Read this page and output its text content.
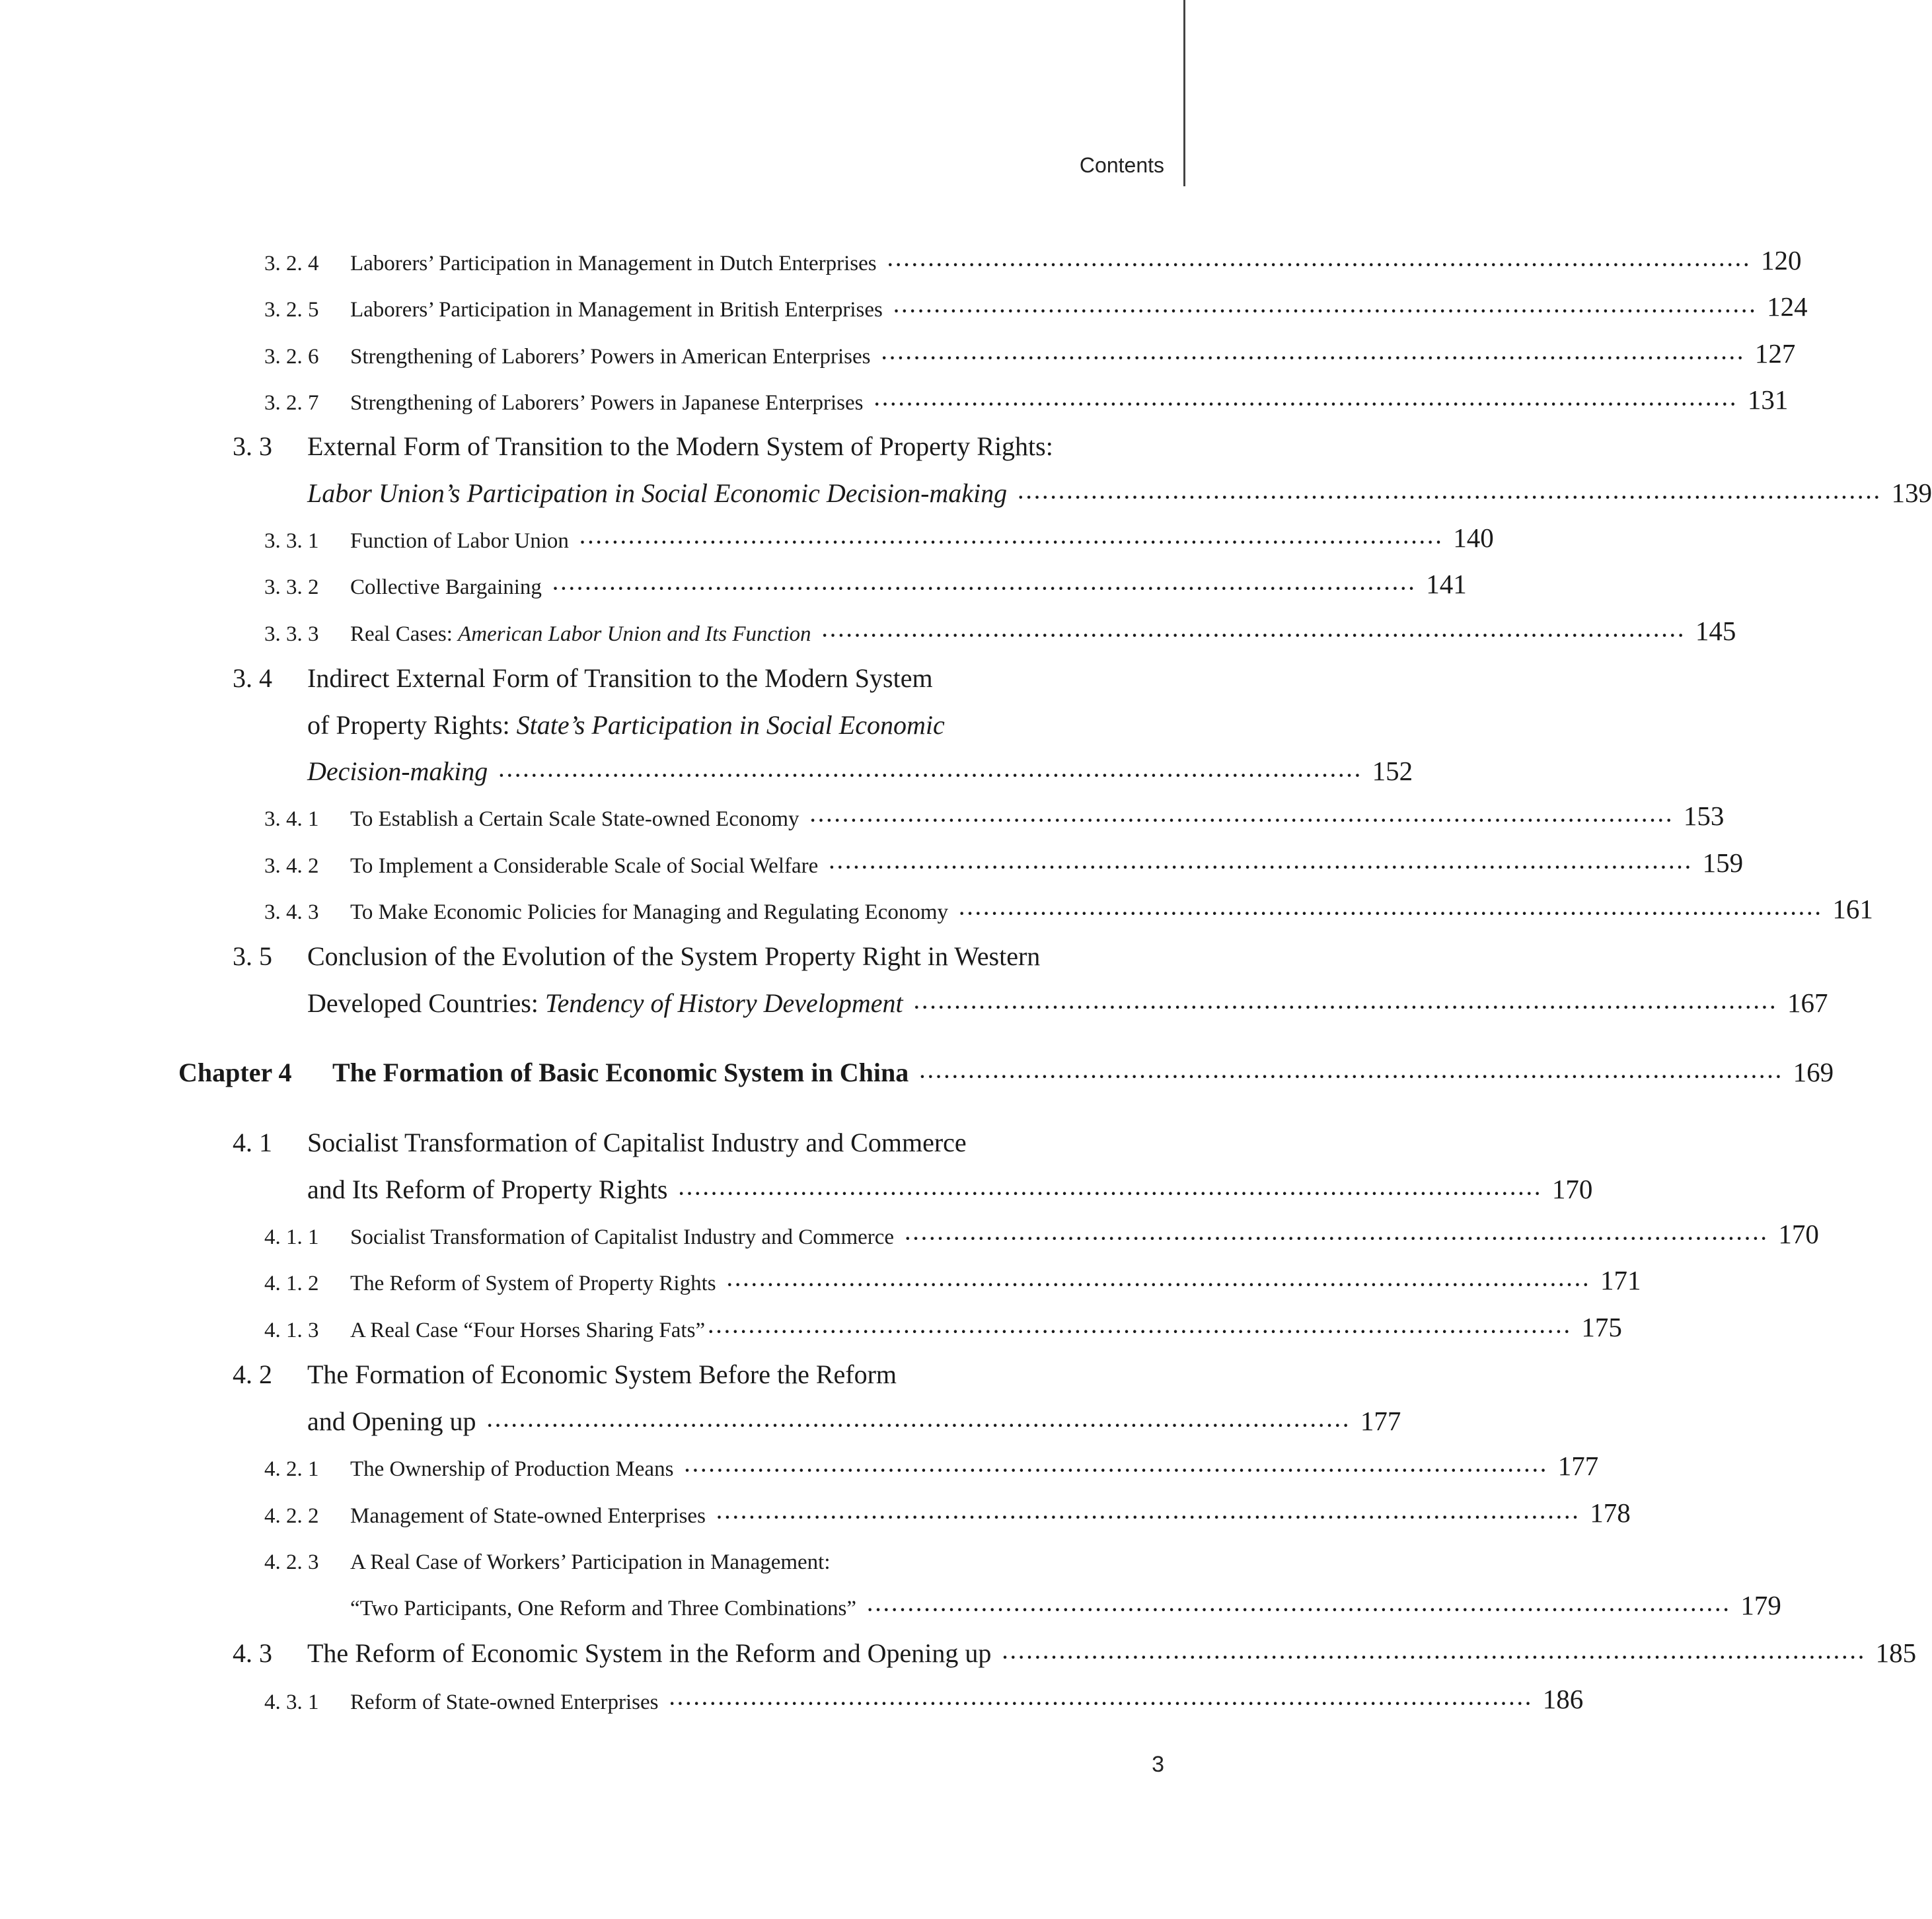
Contents
3. 2. 4	Laborers’ Participation in Management in Dutch Enterprises ·········································································································· 120
3. 2. 5	Laborers’ Participation in Management in British Enterprises ·········································································································· 124
3. 2. 6	Strengthening of Laborers’ Powers in American Enterprises ·········································································································· 127
3. 2. 7	Strengthening of Laborers’ Powers in Japanese Enterprises ·········································································································· 131
3. 3	External Form of Transition to the Modern System of Property Rights:
Labor Union’s Participation in Social Economic Decision-making ·········································································································· 139
3. 3. 1	Function of Labor Union ·········································································································· 140
3. 3. 2	Collective Bargaining ·········································································································· 141
3. 3. 3	Real Cases: American Labor Union and Its Function ·········································································································· 145
3. 4	Indirect External Form of Transition to the Modern System
of Property Rights: State’s Participation in Social Economic
Decision-making ·········································································································· 152
3. 4. 1	To Establish a Certain Scale State-owned Economy ·········································································································· 153
3. 4. 2	To Implement a Considerable Scale of Social Welfare ·········································································································· 159
3. 4. 3	To Make Economic Policies for Managing and Regulating Economy ·········································································································· 161
3. 5	Conclusion of the Evolution of the System Property Right in Western
Developed Countries: Tendency of History Development ·········································································································· 167
Chapter 4	The Formation of Basic Economic System in China ·········································································································· 169
4. 1	Socialist Transformation of Capitalist Industry and Commerce
and Its Reform of Property Rights ·········································································································· 170
4. 1. 1	Socialist Transformation of Capitalist Industry and Commerce ·········································································································· 170
4. 1. 2	The Reform of System of Property Rights ·········································································································· 171
4. 1. 3	A Real Case “Four Horses Sharing Fats” ·········································································································· 175
4. 2	The Formation of Economic System Before the Reform
and Opening up ·········································································································· 177
4. 2. 1	The Ownership of Production Means ·········································································································· 177
4. 2. 2	Management of State-owned Enterprises ·········································································································· 178
4. 2. 3	A Real Case of Workers’ Participation in Management:
“Two Participants, One Reform and Three Combinations” ·········································································································· 179
4. 3	The Reform of Economic System in the Reform and Opening up ·········································································································· 185
4. 3. 1	Reform of State-owned Enterprises ·········································································································· 186
3
